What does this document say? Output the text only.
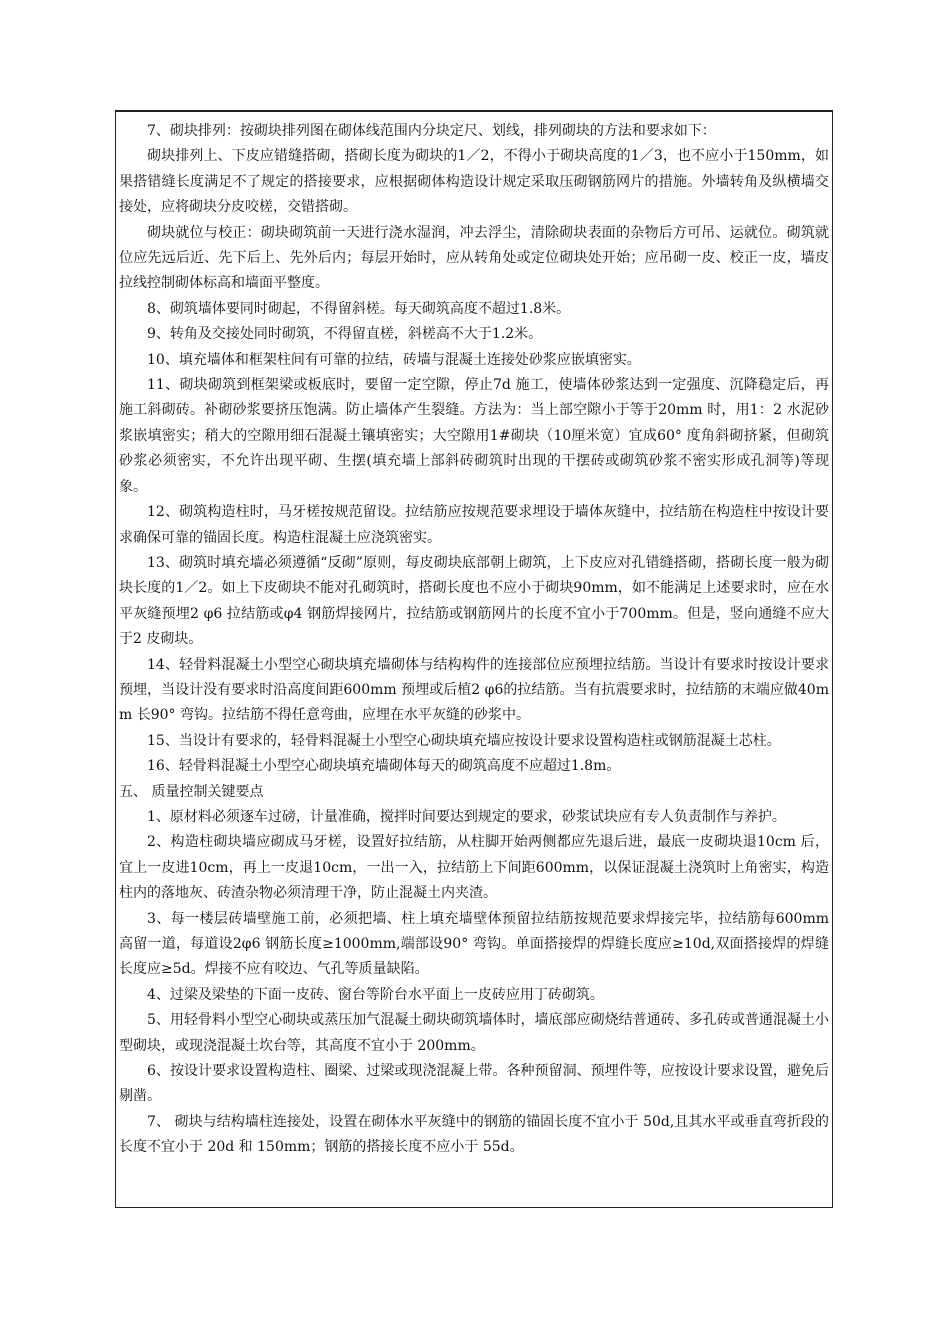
7、砌块排列：按砌块排列图在砌体线范围内分块定尺、划线，排列砌块的方法和要求如下：

砌块排列上、下皮应错缝搭砌，搭砌长度为砌块的1／2，不得小于砌块高度的1／3，也不应小于150mm，如果搭错缝长度满足不了规定的搭接要求，应根据砌体构造设计规定采取压砌钢筋网片的措施。外墙转角及纵横墙交接处，应将砌块分皮咬槎，交错搭砌。

砌块就位与校正：砌块砌筑前一天进行浇水湿润，冲去浮尘，清除砌块表面的杂物后方可吊、运就位。砌筑就位应先远后近、先下后上、先外后内；每层开始时，应从转角处或定位砌块处开始；应吊砌一皮、校正一皮，墙皮拉线控制砌体标高和墙面平整度。

8、砌筑墙体要同时砌起，不得留斜槎。每天砌筑高度不超过1.8米。

9、转角及交接处同时砌筑，不得留直槎，斜槎高不大于1.2米。

10、填充墙体和框架柱间有可靠的拉结，砖墙与混凝土连接处砂浆应嵌填密实。

11、砌块砌筑到框架梁或板底时，要留一定空隙，停止7d 施工，使墙体砂浆达到一定强度、沉降稳定后，再施工斜砌砖。补砌砂浆要挤压饱满。防止墙体产生裂缝。方法为：当上部空隙小于等于20mm 时，用1：2 水泥砂浆嵌填密实；稍大的空隙用细石混凝土镶填密实；大空隙用1#砌块（10厘米宽）宜成60° 度角斜砌挤紧，但砌筑砂浆必须密实，不允许出现平砌、生摆(填充墙上部斜砖砌筑时出现的干摆砖或砌筑砂浆不密实形成孔洞等)等现象。

12、砌筑构造柱时，马牙槎按规范留设。拉结筋应按规范要求埋设于墙体灰缝中，拉结筋在构造柱中按设计要求确保可靠的锚固长度。构造柱混凝土应浇筑密实。

13、砌筑时填充墙必须遵循“反砌”原则，每皮砌块底部朝上砌筑，上下皮应对孔错缝搭砌，搭砌长度一般为砌块长度的1／2。如上下皮砌块不能对孔砌筑时，搭砌长度也不应小于砌块90mm，如不能满足上述要求时，应在水平灰缝预埋2 φ6 拉结筋或φ4 钢筋焊接网片，拉结筋或钢筋网片的长度不宜小于700mm。但是，竖向通缝不应大于2 皮砌块。

14、轻骨料混凝土小型空心砌块填充墙砌体与结构构件的连接部位应预埋拉结筋。当设计有要求时按设计要求预埋，当设计没有要求时沿高度间距600mm 预埋或后植2 φ6的拉结筋。当有抗震要求时，拉结筋的末端应做40mm 长90° 弯钩。拉结筋不得任意弯曲，应埋在水平灰缝的砂浆中。

15、当设计有要求的，轻骨料混凝土小型空心砌块填充墙应按设计要求设置构造柱或钢筋混凝土芯柱。

16、轻骨料混凝土小型空心砌块填充墙砌体每天的砌筑高度不应超过1.8m。

五、 质量控制关键要点

1、原材料必须逐车过磅，计量准确，搅拌时间要达到规定的要求，砂浆试块应有专人负责制作与养护。

2、构造柱砌块墙应砌成马牙槎，设置好拉结筋，从柱脚开始两侧都应先退后进，最底一皮砌块退10cm 后，宜上一皮进10cm，再上一皮退10cm，一出一入，拉结筋上下间距600mm，以保证混凝土浇筑时上角密实，构造柱内的落地灰、砖渣杂物必须清理干净，防止混凝土内夹渣。

3、每一楼层砖墙壁施工前，必须把墙、柱上填充墙壁体预留拉结筋按规范要求焊接完毕，拉结筋每600mm 高留一道，每道设2φ6 钢筋长度≥1000mm,端部设90° 弯钩。单面搭接焊的焊缝长度应≥10d,双面搭接焊的焊缝长度应≥5d。焊接不应有咬边、气孔等质量缺陷。

4、过梁及梁垫的下面一皮砖、窗台等阶台水平面上一皮砖应用丁砖砌筑。

5、用轻骨料小型空心砌块或蒸压加气混凝土砌块砌筑墙体时，墙底部应砌烧结普通砖、多孔砖或普通混凝土小型砌块，或现浇混凝土坎台等，其高度不宜小于 200mm。

6、按设计要求设置构造柱、圈梁、过梁或现浇混凝上带。各种预留洞、预埋件等，应按设计要求设置，避免后剔凿。

7、 砌块与结构墙柱连接处，设置在砌体水平灰缝中的钢筋的锚固长度不宜小于 50d,且其水平或垂直弯折段的长度不宜小于 20d 和 150mm；钢筋的搭接长度不应小于 55d。
